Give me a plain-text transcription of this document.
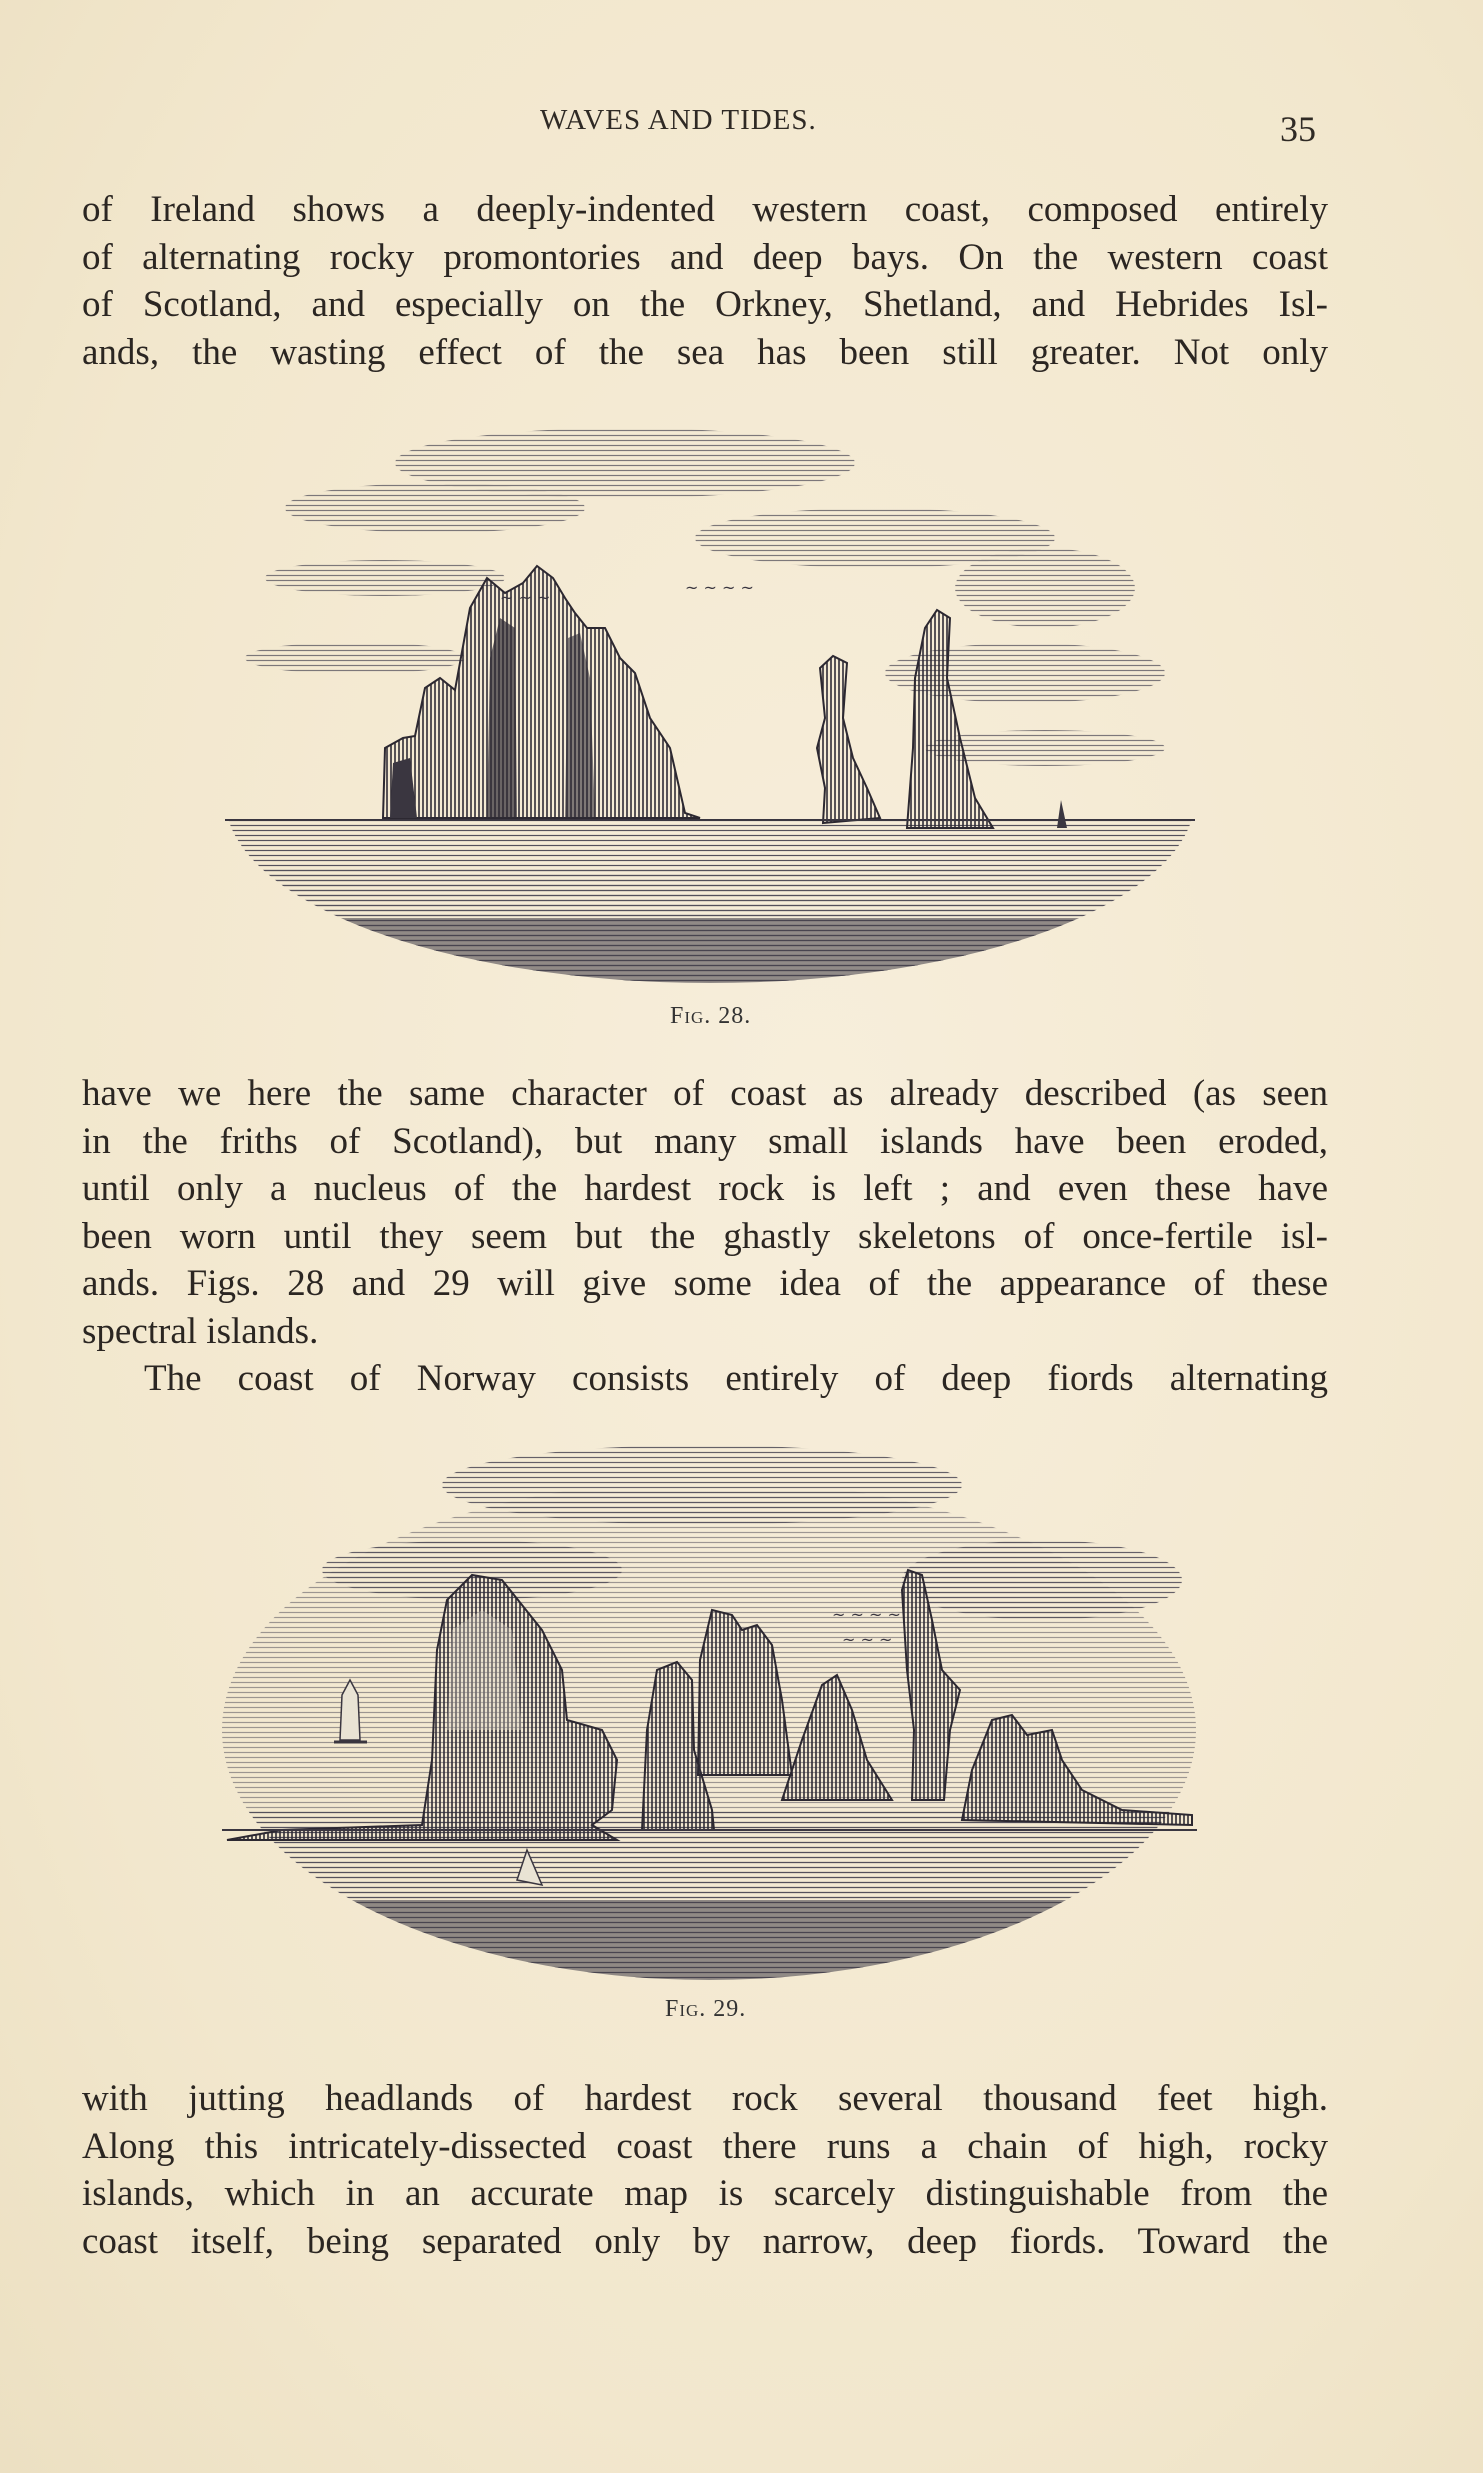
WAVES AND TIDES.	35
of Ireland shows a deeply-indented western coast, composed entirely
of alternating rocky promontories and deep bays. On the western coast
of Scotland, and especially on the Orkney, Shetland, and Hebrides Isl-
ands, the wasting effect of the sea has been still greater. Not only
~ ~ ~
~ ~ ~ ~
Fig. 28.
have we here the same character of coast as already described (as seen
in the friths of Scotland), but many small islands have been eroded,
until only a nucleus of the hardest rock is left ; and even these have
been worn until they seem but the ghastly skeletons of once-fertile isl-
ands. Figs. 28 and 29 will give some idea of the appearance of these
spectral islands.
The coast of Norway consists entirely of deep fiords alternating
~ ~ ~ ~
~ ~ ~
Fig. 29.
with jutting headlands of hardest rock several thousand feet high.
Along this intricately-dissected coast there runs a chain of high, rocky
islands, which in an accurate map is scarcely distinguishable from the
coast itself, being separated only by narrow, deep fiords. Toward the
